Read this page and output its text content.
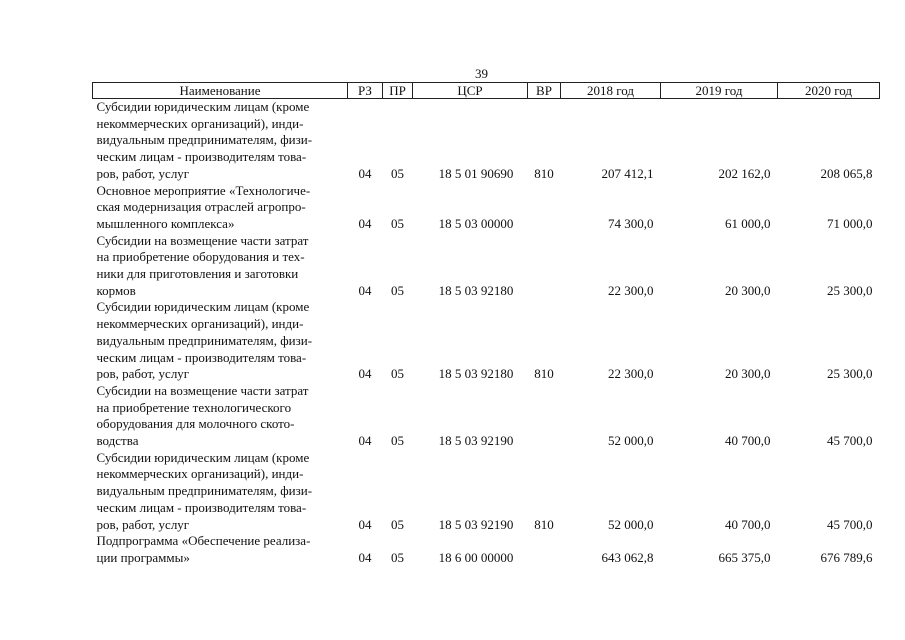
39
Наименование	РЗ	ПР	ЦСР	ВР	2018 год	2019 год	2020 год

Субсидии юридическим лицам (кроме
некоммерческих организаций), инди-
видуальным предпринимателям, физи-
ческим лицам - производителям това-
ров, работ, услуг	04	05	18 5 01 90690	810	207 412,1	202 162,0	208 065,8

Основное мероприятие «Технологиче-
ская модернизация отраслей агропро-
мышленного комплекса»	04	05	18 5 03 00000		74 300,0	61 000,0	71 000,0

Субсидии на возмещение части затрат
на приобретение оборудования и тех-
ники для приготовления и заготовки
кормов	04	05	18 5 03 92180		22 300,0	20 300,0	25 300,0

Субсидии юридическим лицам (кроме
некоммерческих организаций), инди-
видуальным предпринимателям, физи-
ческим лицам - производителям това-
ров, работ, услуг	04	05	18 5 03 92180	810	22 300,0	20 300,0	25 300,0

Субсидии на возмещение части затрат
на приобретение технологического
оборудования для молочного ското-
водства	04	05	18 5 03 92190		52 000,0	40 700,0	45 700,0

Субсидии юридическим лицам (кроме
некоммерческих организаций), инди-
видуальным предпринимателям, физи-
ческим лицам - производителям това-
ров, работ, услуг	04	05	18 5 03 92190	810	52 000,0	40 700,0	45 700,0

Подпрограмма «Обеспечение реализа-
ции программы»	04	05	18 6 00 00000		643 062,8	665 375,0	676 789,6
